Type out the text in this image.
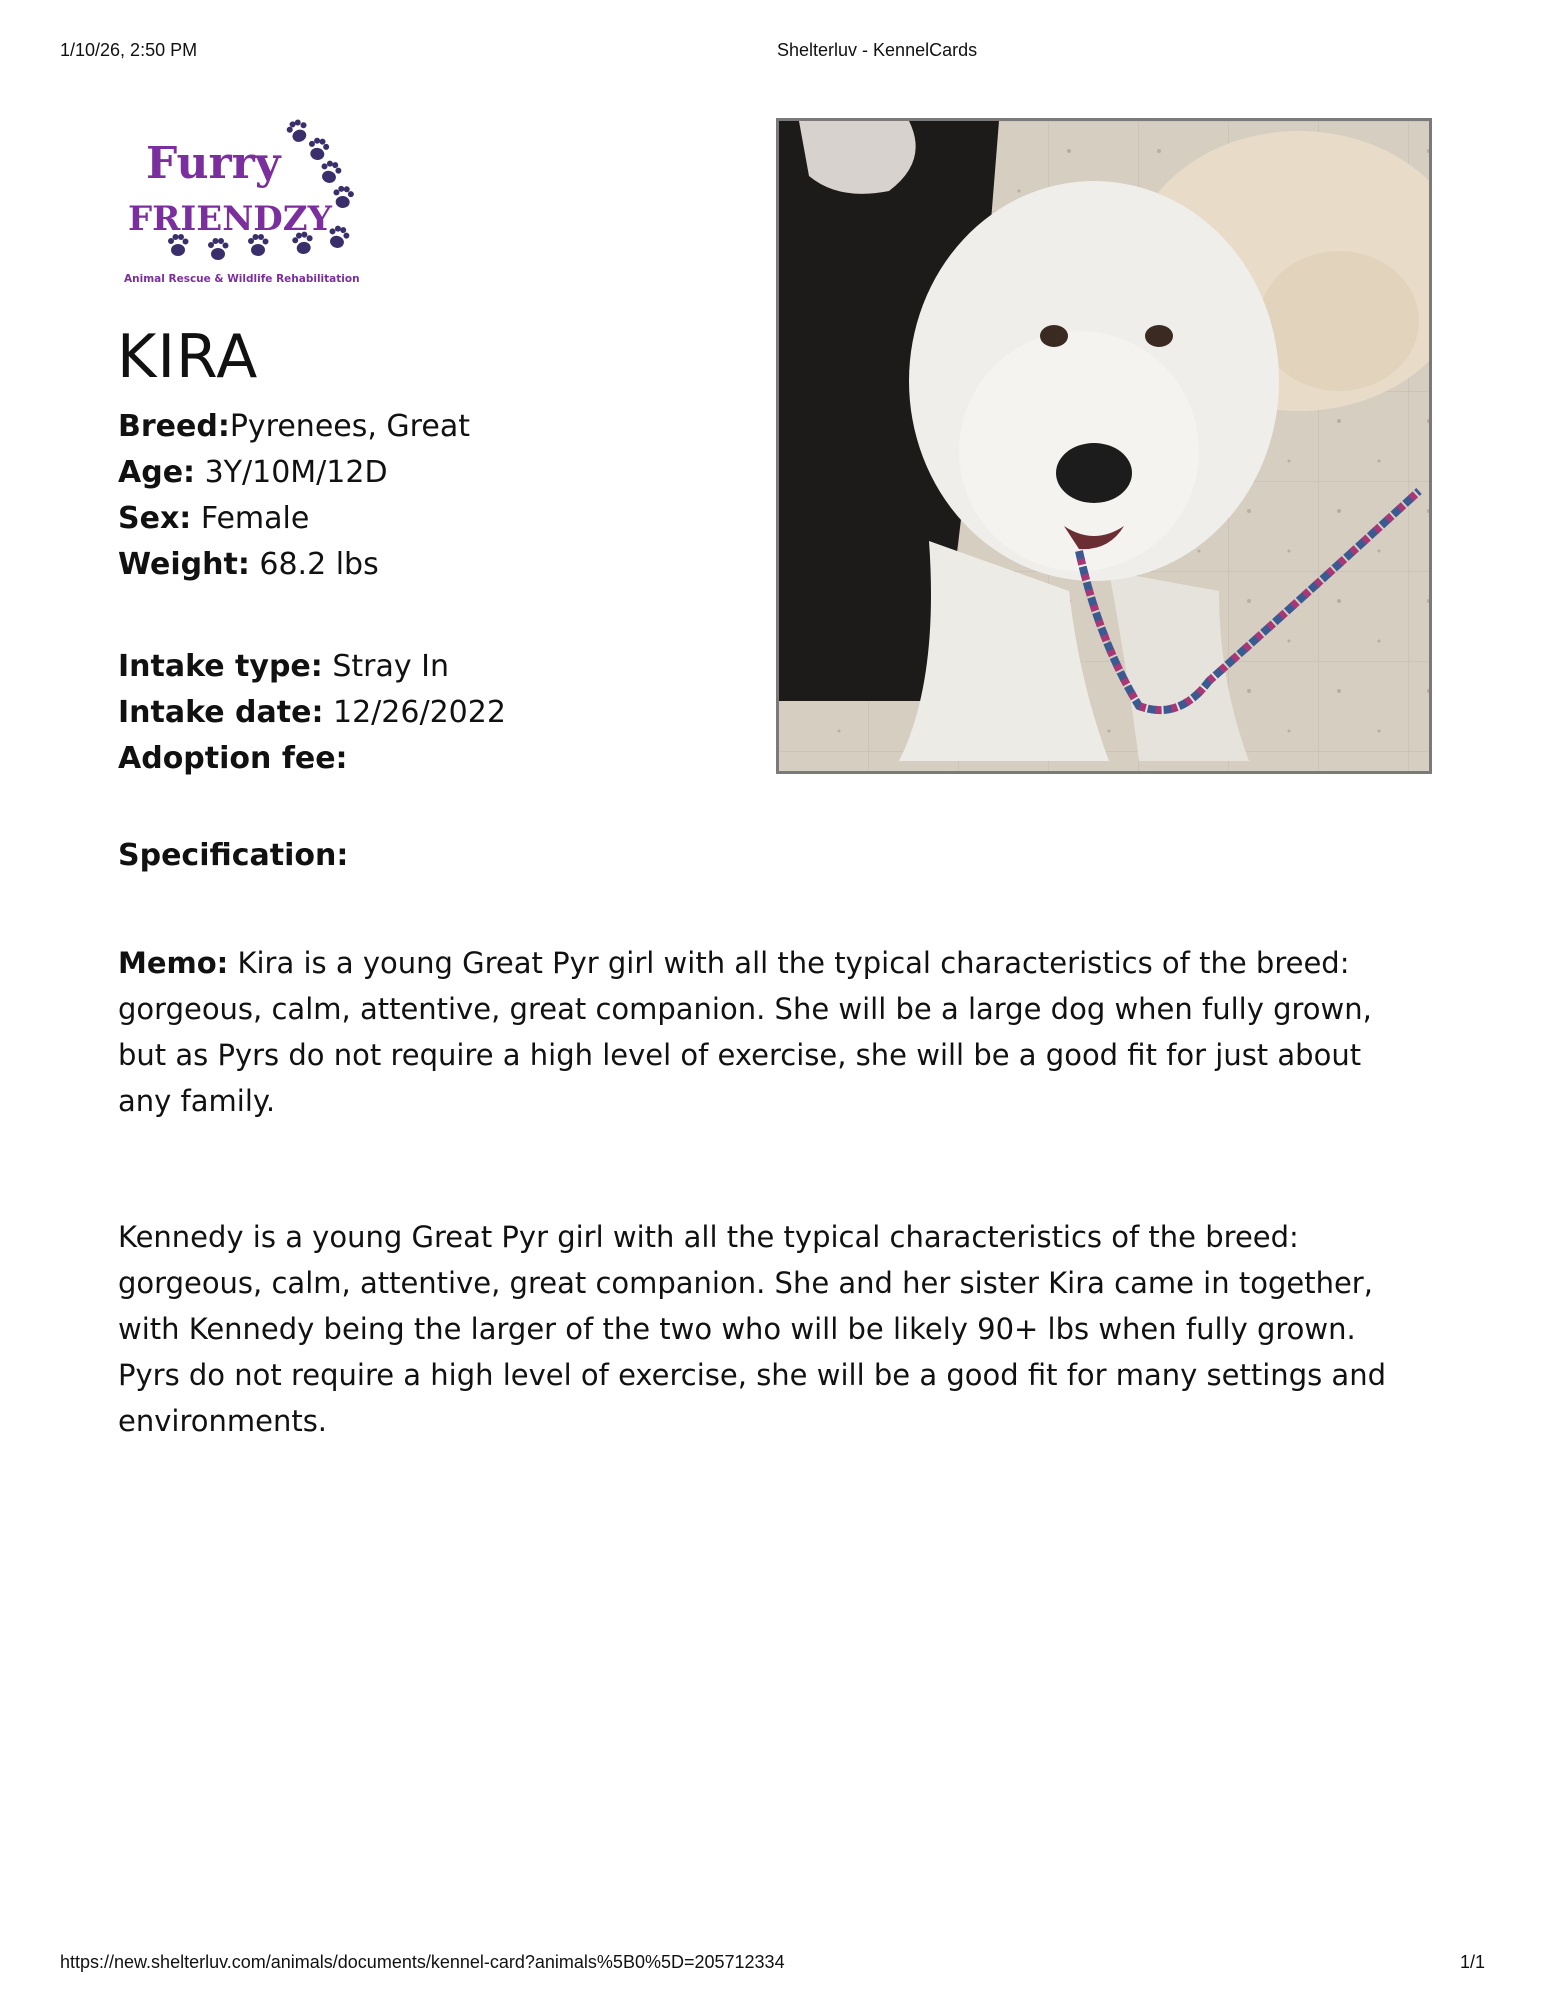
1/10/26, 2:50 PM	Shelterluv - KennelCards
Furry
FRIENDZY
Animal Rescue & Wildlife Rehabilitation
KIRA
Breed:Pyrenees, Great
Age: 3Y/10M/12D
Sex: Female
Weight: 68.2 lbs
Intake type: Stray In
Intake date: 12/26/2022
Adoption fee:
Specification:
Memo: Kira is a young Great Pyr girl with all the typical characteristics of the breed: gorgeous, calm, attentive, great companion. She will be a large dog when fully grown, but as Pyrs do not require a high level of exercise, she will be a good fit for just about any family.
Kennedy is a young Great Pyr girl with all the typical characteristics of the breed: gorgeous, calm, attentive, great companion. She and her sister Kira came in together, with Kennedy being the larger of the two who will be likely 90+ lbs when fully grown. Pyrs do not require a high level of exercise, she will be a good fit for many settings and environments.
https://new.shelterluv.com/animals/documents/kennel-card?animals%5B0%5D=205712334	1/1
